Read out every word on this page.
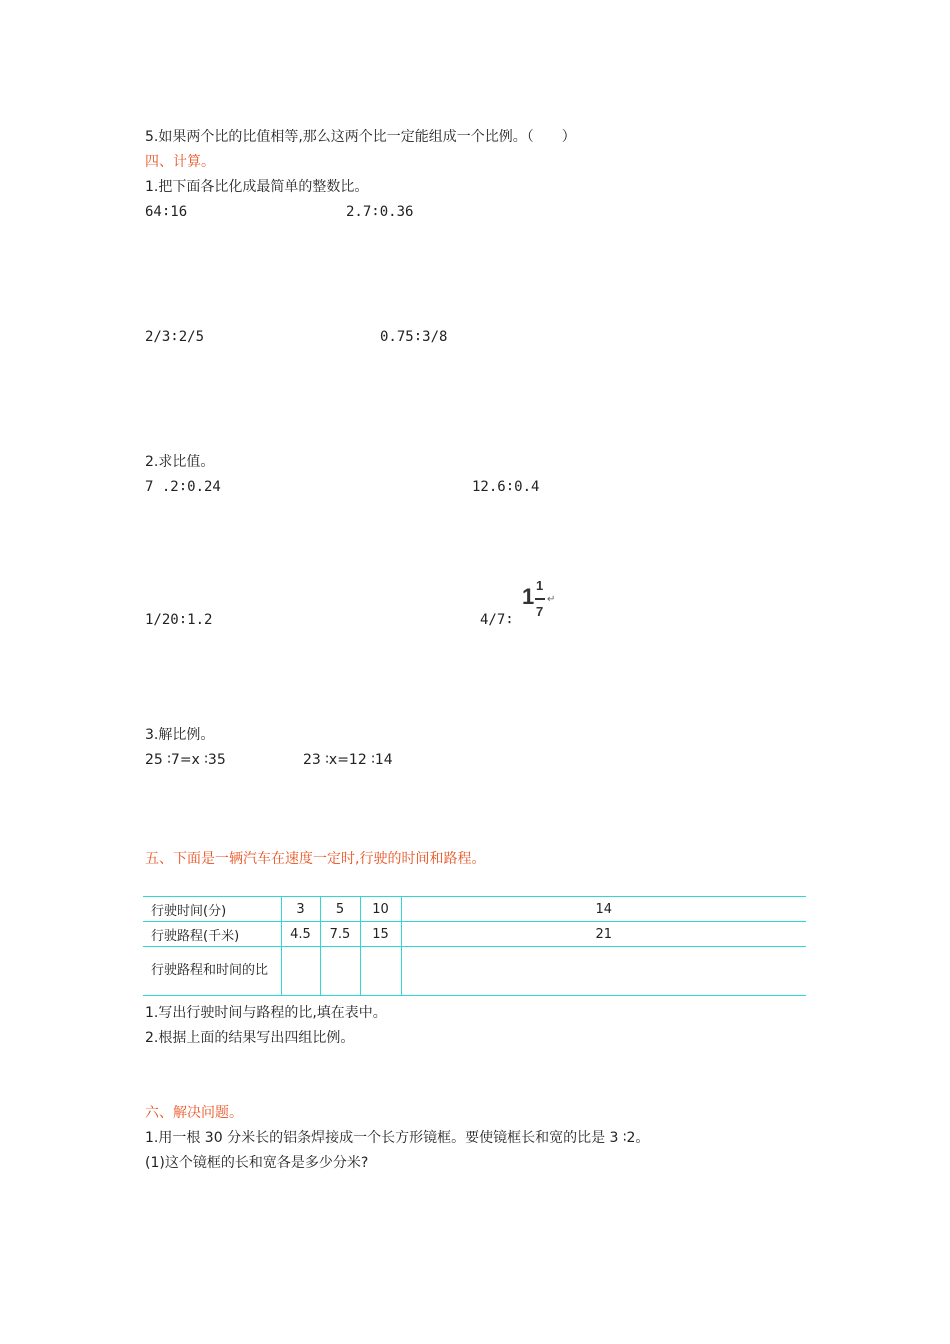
5.如果两个比的比值相等,那么这两个比一定能组成一个比例。（　　）
四、计算。
1.把下面各比化成最简单的整数比。
64∶16	2.7∶0.36
2/3∶2/5	0.75∶3/8
2.求比值。
7 .2∶0.24	12.6∶0.4
1/20∶1.2	4/7∶
1 1
7
↵
3.解比例。
25 ∶7=x ∶35	23 ∶x=12 ∶14
五、下面是一辆汽车在速度一定时,行驶的时间和路程。
行驶时间(分)	3	5	10	14
行驶路程(千米)	4.5	7.5	15	21
行驶路程和时间的比				
1.写出行驶时间与路程的比,填在表中。
2.根据上面的结果写出四组比例。
六、解决问题。
1.用一根 30 分米长的铝条焊接成一个长方形镜框。要使镜框长和宽的比是 3 ∶2。
(1)这个镜框的长和宽各是多少分米?
